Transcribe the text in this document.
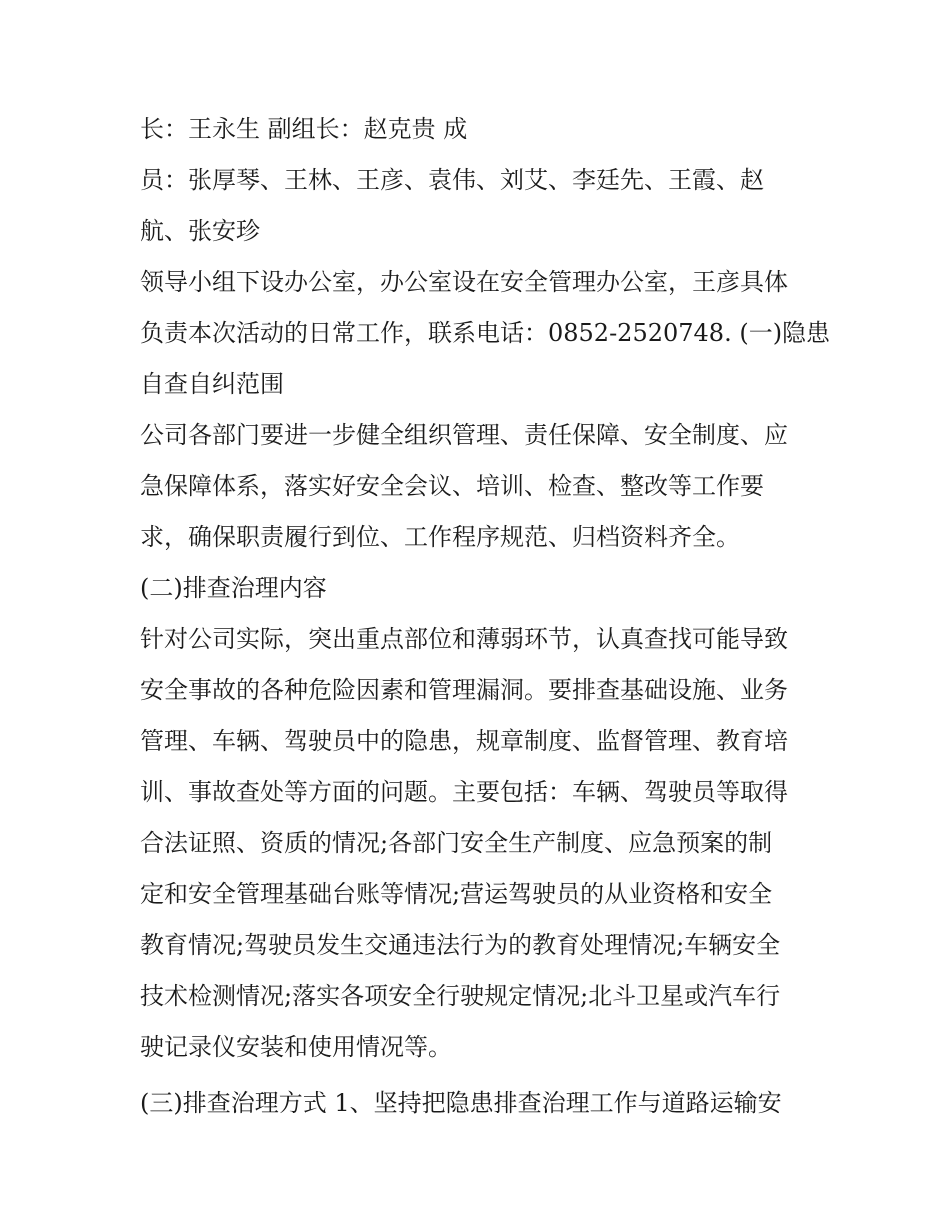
长：王永生 副组长：赵克贵 成
员：张厚琴、王林、王彦、袁伟、刘艾、李廷先、王霞、赵
航、张安珍
领导小组下设办公室，办公室设在安全管理办公室，王彦具体
负责本次活动的日常工作，联系电话：0852-2520748. (一)隐患
自查自纠范围
公司各部门要进一步健全组织管理、责任保障、安全制度、应
急保障体系，落实好安全会议、培训、检查、整改等工作要
求，确保职责履行到位、工作程序规范、归档资料齐全。
(二)排查治理内容
针对公司实际，突出重点部位和薄弱环节，认真查找可能导致
安全事故的各种危险因素和管理漏洞。要排查基础设施、业务
管理、车辆、驾驶员中的隐患，规章制度、监督管理、教育培
训、事故查处等方面的问题。主要包括：车辆、驾驶员等取得
合法证照、资质的情况;各部门安全生产制度、应急预案的制
定和安全管理基础台账等情况;营运驾驶员的从业资格和安全
教育情况;驾驶员发生交通违法行为的教育处理情况;车辆安全
技术检测情况;落实各项安全行驶规定情况;北斗卫星或汽车行
驶记录仪安装和使用情况等。
(三)排查治理方式 1、坚持把隐患排查治理工作与道路运输安
